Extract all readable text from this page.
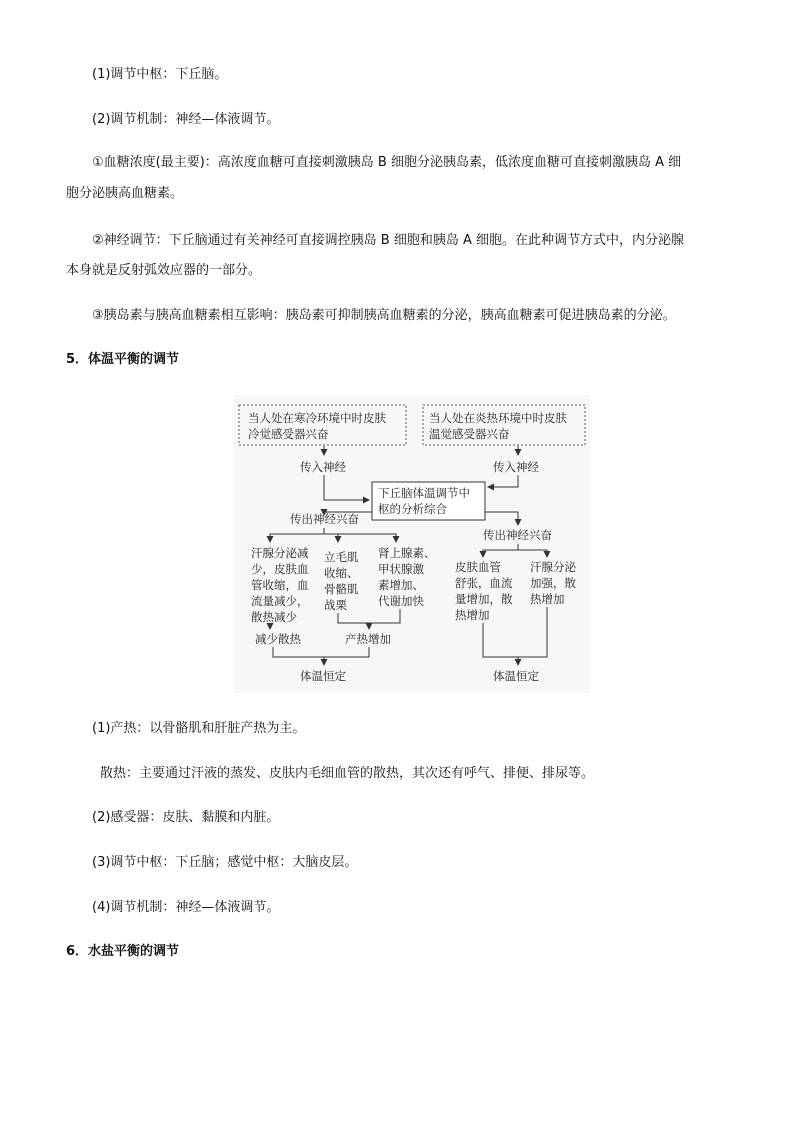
(1)调节中枢：下丘脑。
(2)调节机制：神经—体液调节。
①血糖浓度(最主要)：高浓度血糖可直接刺激胰岛 B 细胞分泌胰岛素，低浓度血糖可直接刺激胰岛 A 细
胞分泌胰高血糖素。
②神经调节：下丘脑通过有关神经可直接调控胰岛 B 细胞和胰岛 A 细胞。在此种调节方式中，内分泌腺
本身就是反射弧效应器的一部分。
③胰岛素与胰高血糖素相互影响：胰岛素可抑制胰高血糖素的分泌，胰高血糖素可促进胰岛素的分泌。
5．体温平衡的调节
当人处在寒冷环境中时皮肤
冷觉感受器兴奋
当人处在炎热环境中时皮肤
温觉感受器兴奋
传入神经	传入神经
下丘脑体温调节中
枢的分析综合
传出神经兴奋
传出神经兴奋
汗腺分泌减
少，皮肤血
管收缩，血
流量减少，
散热减少
立毛肌
收缩、
骨骼肌
战栗
肾上腺素、
甲状腺激
素增加、
代谢加快
减少散热	产热增加
体温恒定
皮肤血管
舒张，血流
量增加，散
热增加
汗腺分泌
加强，散
热增加
体温恒定
(1)产热：以骨骼肌和肝脏产热为主。
散热：主要通过汗液的蒸发、皮肤内毛细血管的散热，其次还有呼气、排便、排尿等。
(2)感受器：皮肤、黏膜和内脏。
(3)调节中枢：下丘脑；感觉中枢：大脑皮层。
(4)调节机制：神经—体液调节。
6．水盐平衡的调节
